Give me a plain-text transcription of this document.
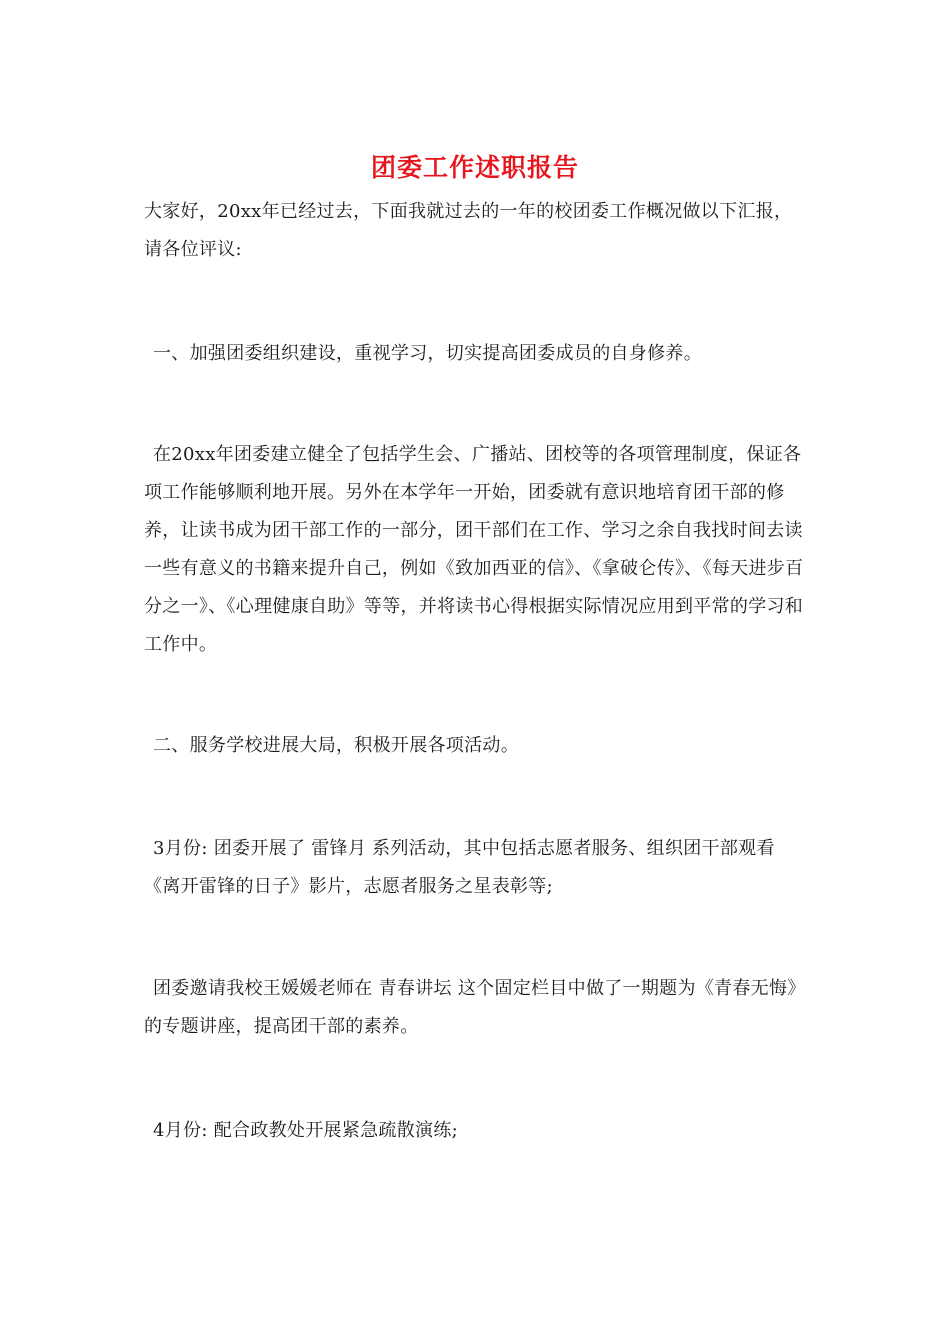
团委工作述职报告

大家好，20xx年已经过去，下面我就过去的一年的校团委工作概况做以下汇报，请各位评议:

一、加强团委组织建设，重视学习，切实提高团委成员的自身修养。

在20xx年团委建立健全了包括学生会、广播站、团校等的各项管理制度，保证各项工作能够顺利地开展。另外在本学年一开始，团委就有意识地培育团干部的修养，让读书成为团干部工作的一部分，团干部们在工作、学习之余自我找时间去读一些有意义的书籍来提升自己，例如《致加西亚的信》、《拿破仑传》、《每天进步百分之一》、《心理健康自助》等等，并将读书心得根据实际情况应用到平常的学习和工作中。

二、服务学校进展大局，积极开展各项活动。

3月份: 团委开展了 雷锋月 系列活动，其中包括志愿者服务、组织团干部观看《离开雷锋的日子》影片，志愿者服务之星表彰等;

团委邀请我校王媛媛老师在 青春讲坛 这个固定栏目中做了一期题为《青春无悔》的专题讲座，提高团干部的素养。

4月份: 配合政教处开展紧急疏散演练;
